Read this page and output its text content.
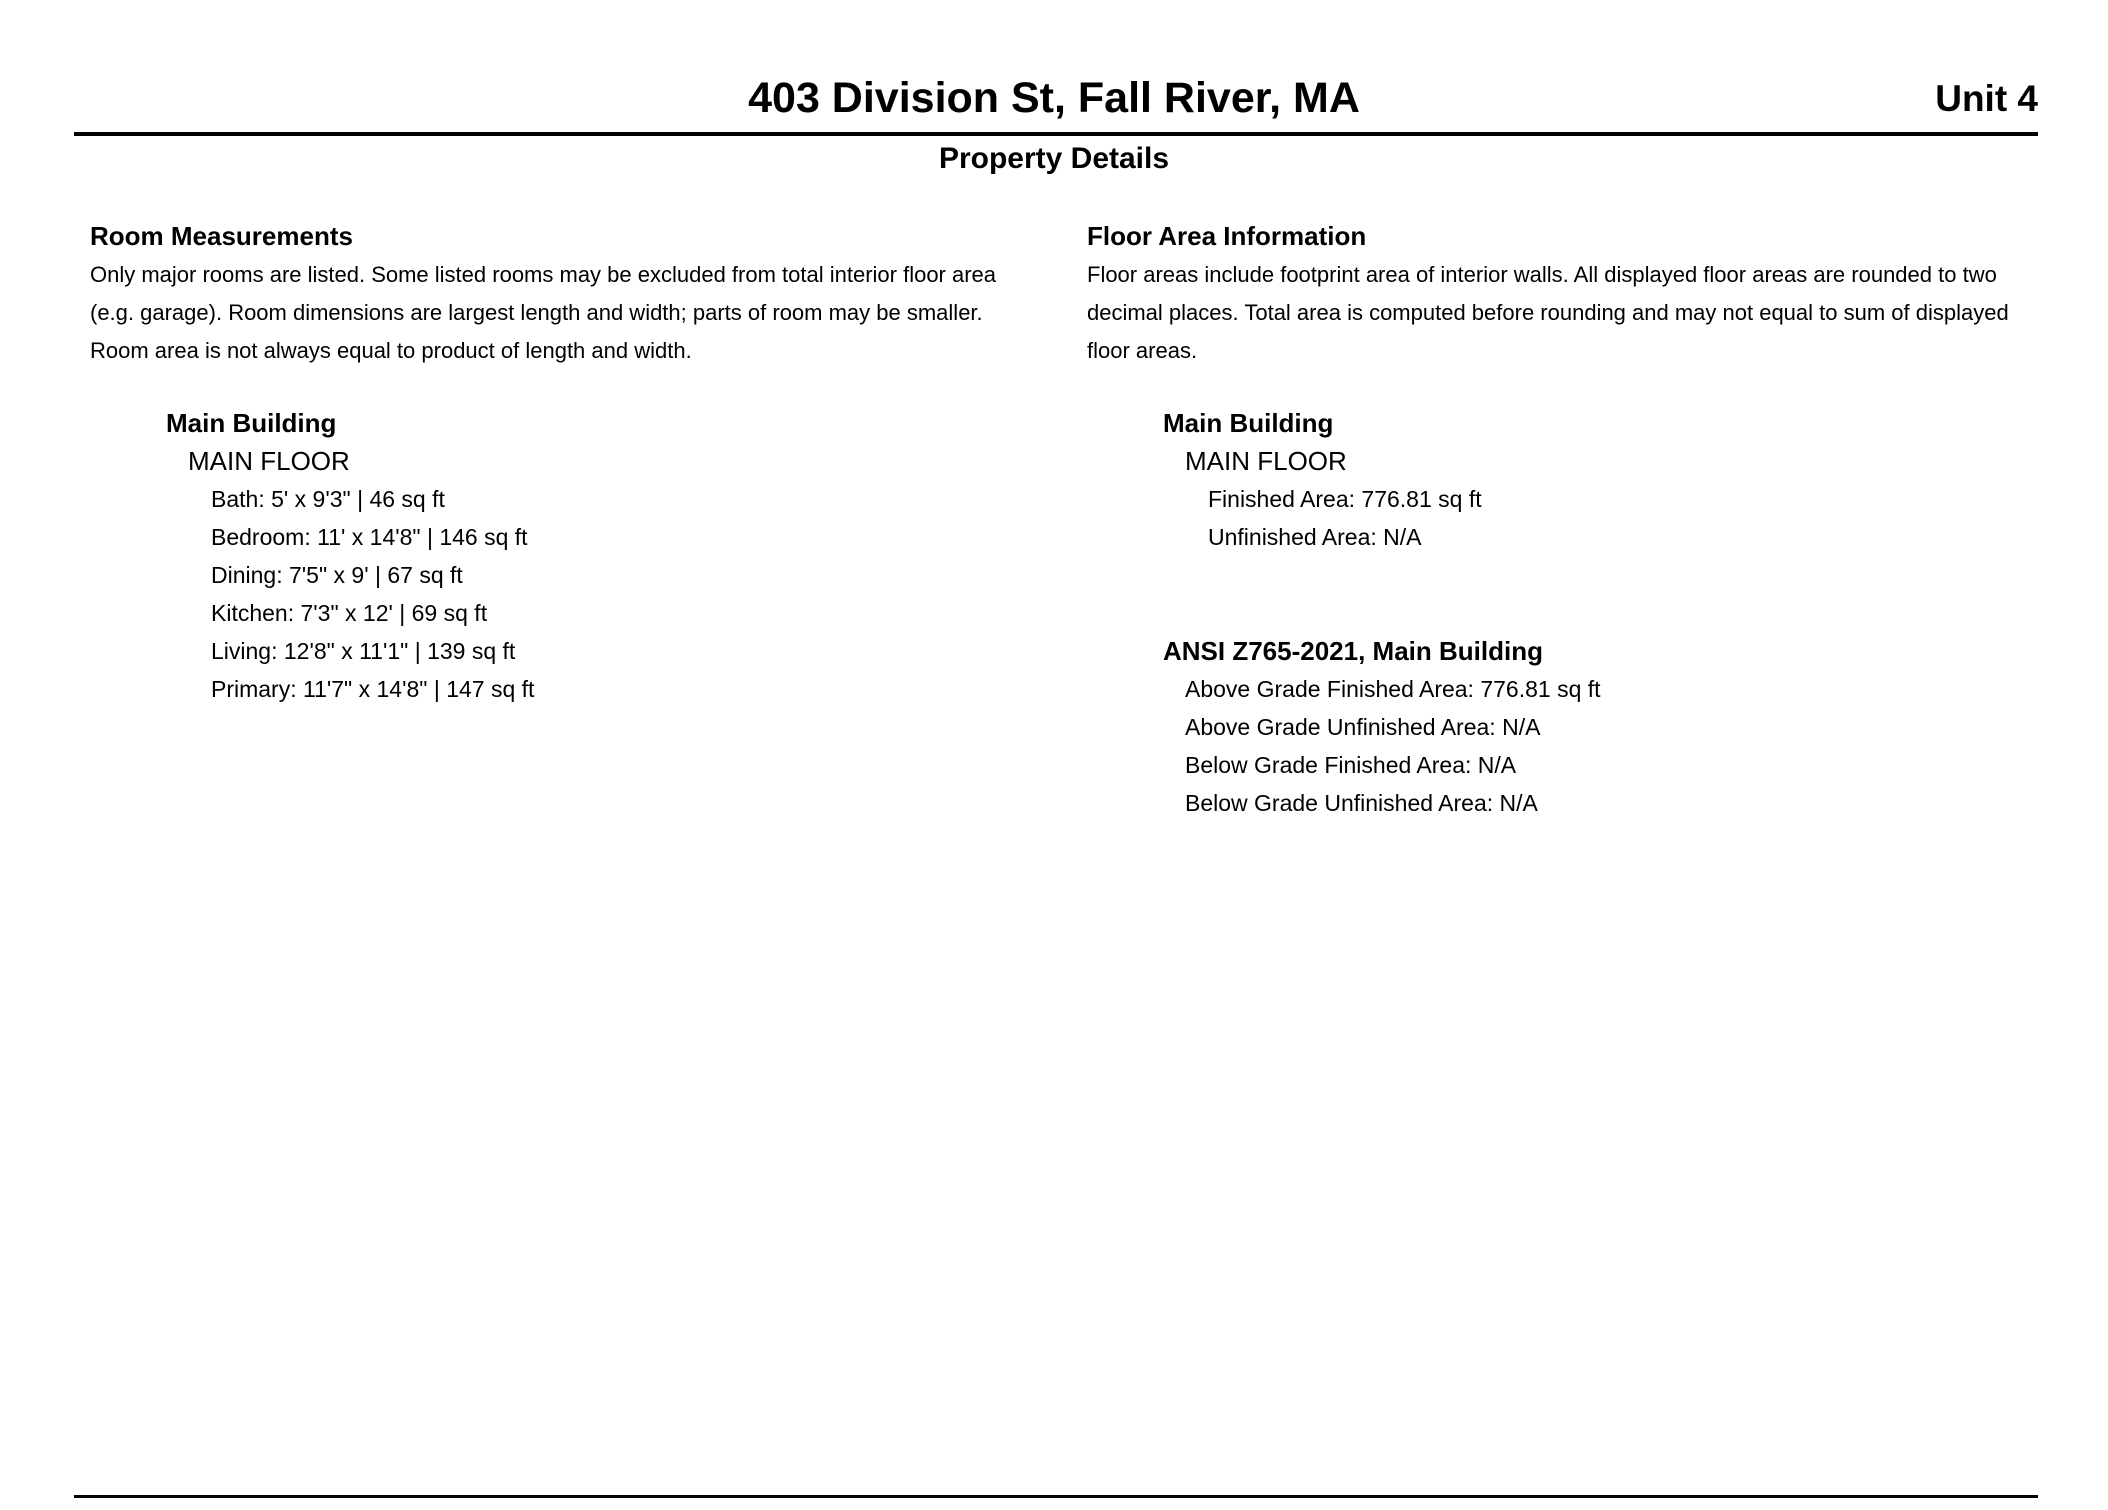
403 Division St, Fall River, MA	Unit 4
Property Details
Room Measurements

Only major rooms are listed. Some listed rooms may be excluded from total interior floor area
(e.g. garage). Room dimensions are largest length and width; parts of room may be smaller.
Room area is not always equal to product of length and width.

Main Building
MAIN FLOOR
Bath: 5' x 9'3" | 46 sq ft
Bedroom: 11' x 14'8" | 146 sq ft
Dining: 7'5" x 9' | 67 sq ft
Kitchen: 7'3" x 12' | 69 sq ft
Living: 12'8" x 11'1" | 139 sq ft
Primary: 11'7" x 14'8" | 147 sq ft
Floor Area Information

Floor areas include footprint area of interior walls. All displayed floor areas are rounded to two
decimal places. Total area is computed before rounding and may not equal to sum of displayed
floor areas.

Main Building
MAIN FLOOR
Finished Area: 776.81 sq ft
Unfinished Area: N/A
ANSI Z765-2021, Main Building
Above Grade Finished Area: 776.81 sq ft
Above Grade Unfinished Area: N/A
Below Grade Finished Area: N/A
Below Grade Unfinished Area: N/A
